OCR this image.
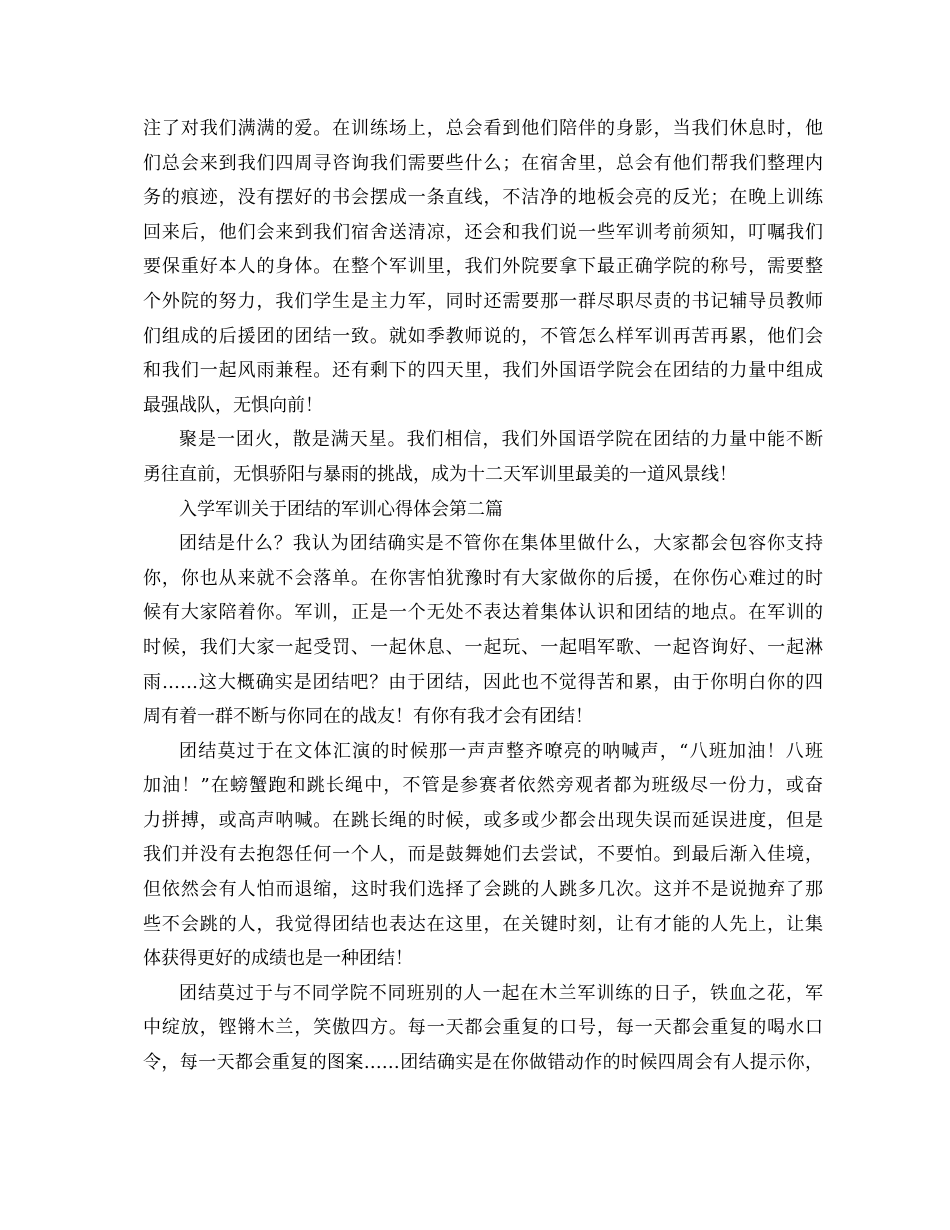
注了对我们满满的爱。在训练场上，总会看到他们陪伴的身影，当我们休息时，他
们总会来到我们四周寻咨询我们需要些什么；在宿舍里，总会有他们帮我们整理内
务的痕迹，没有摆好的书会摆成一条直线，不洁净的地板会亮的反光；在晚上训练
回来后，他们会来到我们宿舍送清凉，还会和我们说一些军训考前须知，叮嘱我们
要保重好本人的身体。在整个军训里，我们外院要拿下最正确学院的称号，需要整
个外院的努力，我们学生是主力军，同时还需要那一群尽职尽责的书记辅导员教师
们组成的后援团的团结一致。就如季教师说的，不管怎么样军训再苦再累，他们会
和我们一起风雨兼程。还有剩下的四天里，我们外国语学院会在团结的力量中组成
最强战队，无惧向前！
聚是一团火，散是满天星。我们相信，我们外国语学院在团结的力量中能不断
勇往直前，无惧骄阳与暴雨的挑战，成为十二天军训里最美的一道风景线！
入学军训关于团结的军训心得体会第二篇
团结是什么？我认为团结确实是不管你在集体里做什么，大家都会包容你支持
你，你也从来就不会落单。在你害怕犹豫时有大家做你的后援，在你伤心难过的时
候有大家陪着你。军训，正是一个无处不表达着集体认识和团结的地点。在军训的
时候，我们大家一起受罚、一起休息、一起玩、一起唱军歌、一起咨询好、一起淋
雨……这大概确实是团结吧？由于团结，因此也不觉得苦和累，由于你明白你的四
周有着一群不断与你同在的战友！有你有我才会有团结！
团结莫过于在文体汇演的时候那一声声整齐嘹亮的呐喊声，“八班加油！八班
加油！”在螃蟹跑和跳长绳中，不管是参赛者依然旁观者都为班级尽一份力，或奋
力拼搏，或高声呐喊。在跳长绳的时候，或多或少都会出现失误而延误进度，但是
我们并没有去抱怨任何一个人，而是鼓舞她们去尝试，不要怕。到最后渐入佳境，
但依然会有人怕而退缩，这时我们选择了会跳的人跳多几次。这并不是说抛弃了那
些不会跳的人，我觉得团结也表达在这里，在关键时刻，让有才能的人先上，让集
体获得更好的成绩也是一种团结！
团结莫过于与不同学院不同班别的人一起在木兰军训练的日子，铁血之花，军
中绽放，铿锵木兰，笑傲四方。每一天都会重复的口号，每一天都会重复的喝水口
令，每一天都会重复的图案……团结确实是在你做错动作的时候四周会有人提示你，
